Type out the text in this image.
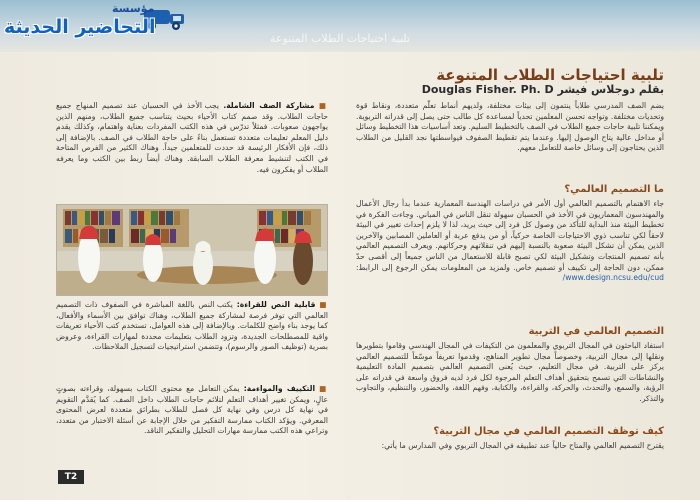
مؤسسة
التحاضير الحديثة
تلبية احتياجات الطلاب المتنوعة
تلبية احتياجات الطلاب المتنوعة
بقلم دوجلاس فيشر Douglas Fisher. Ph. D

يضم الصف المدرسي طلاباً ينتمون إلى بيئات مختلفة، ولديهم أنماط تعلّم متعددة، ونقاط قوة وتحديات مختلفة. وتواجه تحسن المعلمين تحدياً لمساعدة كل طالب حتى يصل إلى قدراته التربوية. ويمكننا تلبية حاجات جميع الطلاب في الصف بالتخطيط السليم. وتعد أساسيات هذا التخطيط وسائل أو مداخل عالية يتاح الوصول إليها. وعندما يتم تقطيط الصفوف فيواسطتها نجد القليل من الطلاب الذين يحتاجون إلى وسائل خاصة للتعامل معهم.

ما التصميم العالمي؟

جاء الاهتمام بالتصميم العالمي أول الأمر في دراسات الهندسة المعمارية عندما بدأ رجال الأعمال والمهندسون المعماريون في الأخذ في الحسبان سهولة تنقل الناس في المباني. وجاءت الفكرة في تخطيط البيئة منذ البداية للتأكد من وصول كل فرد إلى حيث يريد، لذا لا يلزم إحداث تغيير في البيئة لاحقاً لكي تناسب ذوي الاحتياجات الخاصة حركياً، أو من يدفع عربة أو العاملين المصابين والآخرين الذين يمكن أن تشكل البيئة صعوبة بالنسبة إليهم في تنقلاتهم وحركاتهم. ويعرف التصميم العالمي بأنه تصميم المنتجات وتشكيل البيئة لكي تصبح قابلة للاستعمال من الناس جميعاً إلى أقصى حدّ ممكن، دون الحاجة إلى تكييف أو تصميم خاص. ولمزيد من المعلومات يمكن الرجوع إلى الرابط: www.design.ncsu.edu/cud/

التصميم العالمي في التربية

استفاد الباحثون في المجال التربوي والمعلمون من التكيفات في المجال الهندسي وقاموا بتطويرها ونقلها إلى مجال التربية، وخصوصاً مجال تطوير المناهج، وقدموا تعريفاً موسّعاً للتصميم العالمي يركز على التربية. في مجال التعليم، حيث يُعنى التصميم العالمي بتصميم المادة التعليمية والنشاطات التي تسمح بتحقيق أهداف التعلم المرجوة لكل فرد لديه فروق واسعة في قدراته على الرؤية، والسمع، والتحدث، والحركة، والقراءة، والكتابة، وفهم اللغة، والحضور، والتنظيم، والتجاوب والتذكر.

كيف توظف التصميم العالمي في مجال التربية؟

يقترح التصميم العالمي والمتاح حالياً عند تطبيقه في المجال التربوي وفي المدارس ما يأتي:

■ مشاركة الصف الشاملة. يجب الأخذ في الحسبان عند تصميم المنهاج جميع حاجات الطلاب. وقد صمم كتاب الأحياء بحيث يتناسب جميع الطلاب، ومنهم الذين يواجهون صعوبات. فمثلاً تدرّس في هذه الكتب المفردات بعناية واهتمام، وكذلك يقدم دليل المعلم تعليمات متعددة تستعمل بناءً على حاجة الطلاب في الصف. بالإضافة إلى ذلك، فإن الأفكار الرئيسة قد حددت للمتعلمين جيداً. وهناك الكثير من الفرص المتاحة في الكتب لتنشيط معرفة الطلاب السابقة. وهناك أيضاً ربط بين الكتب وما يعرفه الطلاب أو يفكرون فيه.

■ قابلية النص للقراءة: يكتب النص باللغة المباشرة في الصفوف ذات التصميم العالمي التي توفر فرصة لمشاركة جميع الطلاب، وهناك توافق بين الأسماء والأفعال، كما يوجد بناء واضح للكلمات. وبالإضافة إلى هذه العوامل، تستخدم كتب الأحياء تعريفات واقية للمصطلحات الجديدة، وتزود الطلاب بتعليمات محددة لمهارات القراءة، وعروض بصرية (توظيف الصور والرسوم)، وتتضمن استراتيجيات لتسجيل الملاحظات.

■ التكييف والمواءمة: يمكن التعامل مع محتوى الكتاب بسهولة، وقراءته بصوتٍ عالٍ، ويمكن تغيير أهداف التعلم لتلائم حاجات الطلاب داخل الصف. كما يُقدَّم التقويم في نهاية كل درس وفي نهاية كل فصل للطلاب بطرائق متعددة لعرض المحتوى المعرفي. ويؤكد الكتاب ممارسة التفكير من خلال الإجابة عن أسئلة الاختبار من متعدد، وتراعي هذه الكتب ممارسة مهارات التحليل والتفكير الناقد.

T2
